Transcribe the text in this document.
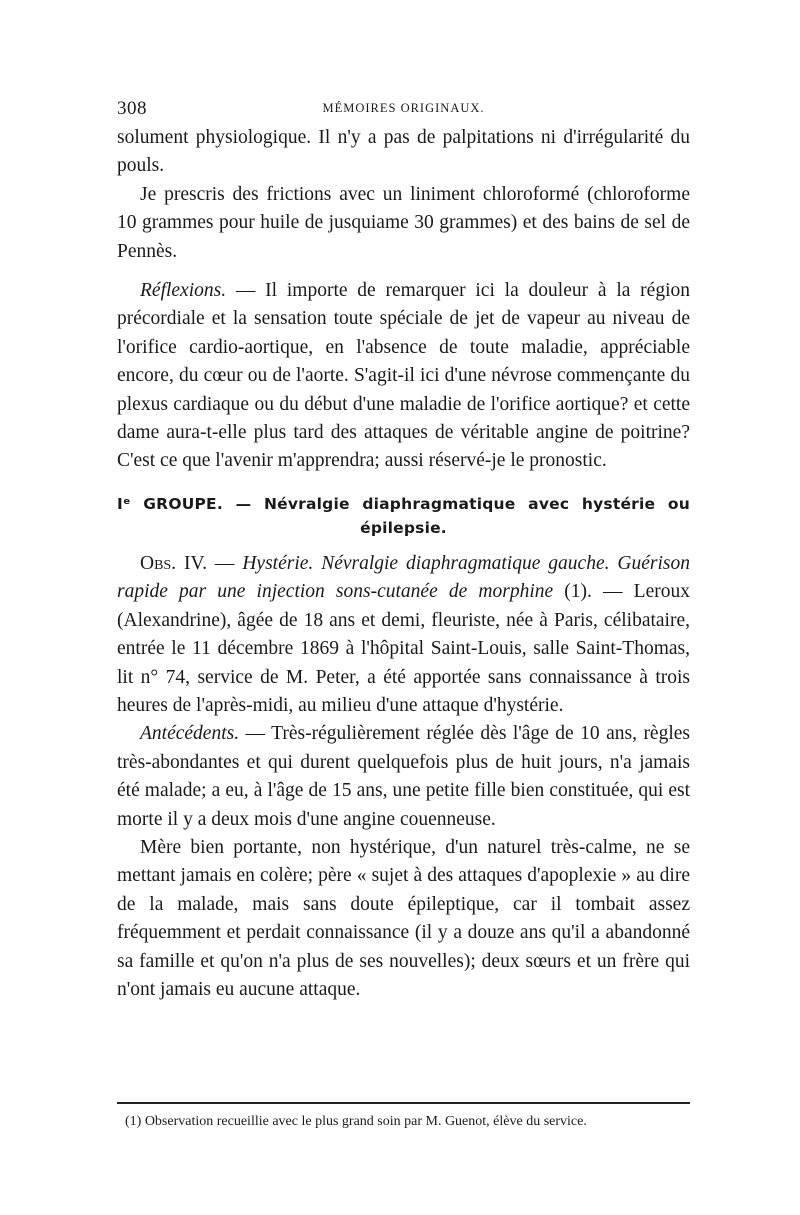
308	MÉMOIRES ORIGINAUX.

solument physiologique. Il n'y a pas de palpitations ni d'irrégularité du pouls.

Je prescris des frictions avec un liniment chloroformé (chloroforme 10 grammes pour huile de jusquiame 30 grammes) et des bains de sel de Pennès.

Réflexions. — Il importe de remarquer ici la douleur à la région précordiale et la sensation toute spéciale de jet de vapeur au niveau de l'orifice cardio-aortique, en l'absence de toute maladie, appréciable encore, du cœur ou de l'aorte. S'agit-il ici d'une névrose commençante du plexus cardiaque ou du début d'une maladie de l'orifice aortique? et cette dame aura-t-elle plus tard des attaques de véritable angine de poitrine? C'est ce que l'avenir m'apprendra; aussi réservé-je le pronostic.

Iᵉ GROUPE. — Névralgie diaphragmatique avec hystérie ou
épilepsie.

Obs. IV. — Hystérie. Névralgie diaphragmatique gauche. Guérison rapide par une injection sons-cutanée de morphine (1). — Leroux (Alexandrine), âgée de 18 ans et demi, fleuriste, née à Paris, célibataire, entrée le 11 décembre 1869 à l'hôpital Saint-Louis, salle Saint-Thomas, lit n° 74, service de M. Peter, a été apportée sans connaissance à trois heures de l'après-midi, au milieu d'une attaque d'hystérie.

Antécédents. — Très-régulièrement réglée dès l'âge de 10 ans, règles très-abondantes et qui durent quelquefois plus de huit jours, n'a jamais été malade; a eu, à l'âge de 15 ans, une petite fille bien constituée, qui est morte il y a deux mois d'une angine couenneuse.

Mère bien portante, non hystérique, d'un naturel très-calme, ne se mettant jamais en colère; père « sujet à des attaques d'apoplexie » au dire de la malade, mais sans doute épileptique, car il tombait assez fréquemment et perdait connaissance (il y a douze ans qu'il a abandonné sa famille et qu'on n'a plus de ses nouvelles); deux sœurs et un frère qui n'ont jamais eu aucune attaque.

(1) Observation recueillie avec le plus grand soin par M. Guenot, élève du service.
